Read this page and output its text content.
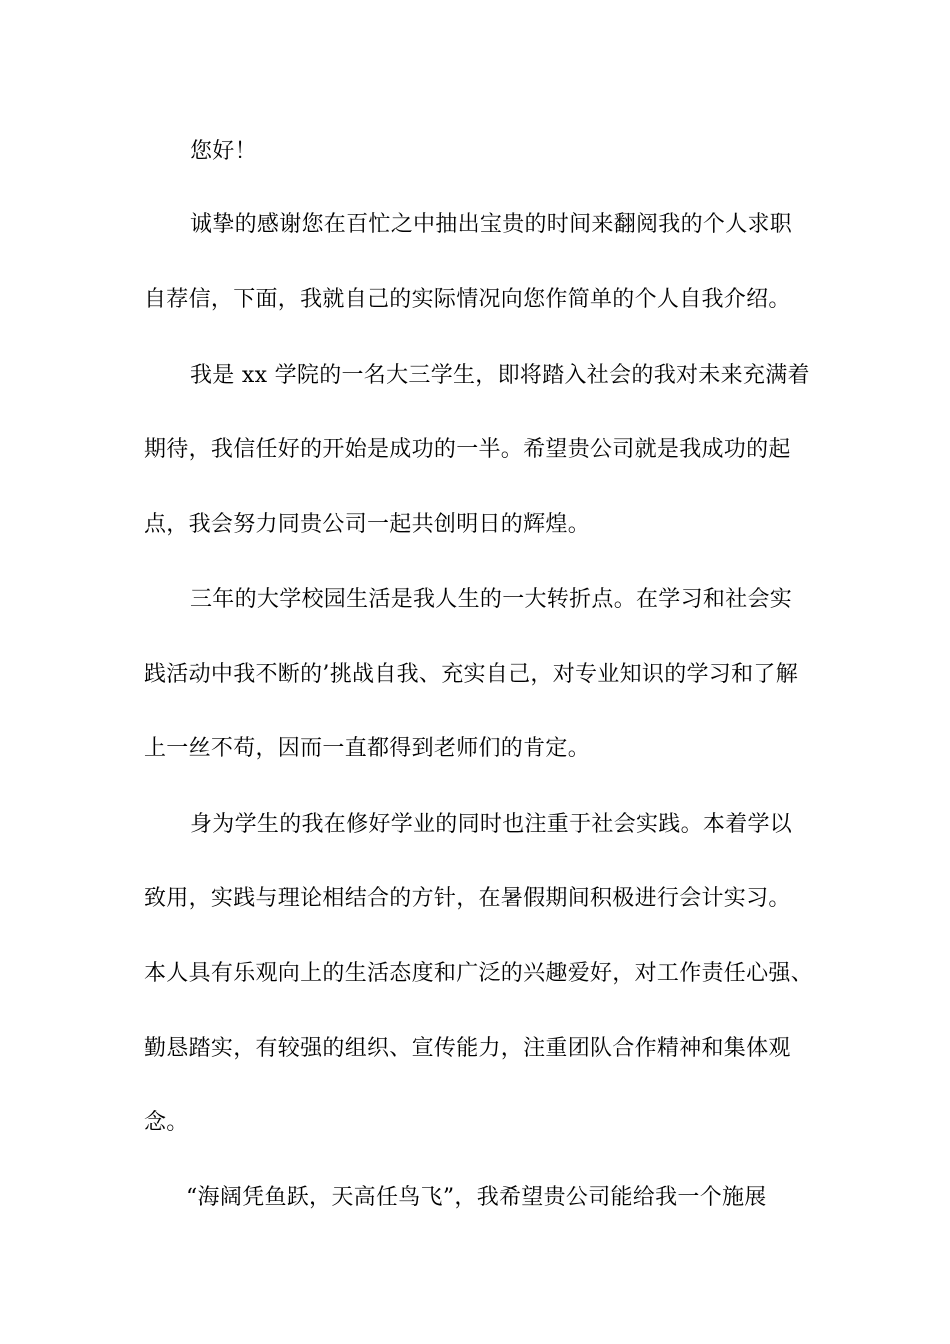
您好！
诚挚的感谢您在百忙之中抽出宝贵的时间来翻阅我的个人求职
自荐信，下面，我就自己的实际情况向您作简单的个人自我介绍。
我是 xx 学院的一名大三学生，即将踏入社会的我对未来充满着
期待，我信任好的开始是成功的一半。希望贵公司就是我成功的起
点，我会努力同贵公司一起共创明日的辉煌。
三年的大学校园生活是我人生的一大转折点。在学习和社会实
践活动中我不断的’挑战自我、充实自己，对专业知识的学习和了解
上一丝不苟，因而一直都得到老师们的肯定。
身为学生的我在修好学业的同时也注重于社会实践。本着学以
致用，实践与理论相结合的方针，在暑假期间积极进行会计实习。
本人具有乐观向上的生活态度和广泛的兴趣爱好，对工作责任心强、
勤恳踏实，有较强的组织、宣传能力，注重团队合作精神和集体观
念。
“海阔凭鱼跃，天高任鸟飞”，我希望贵公司能给我一个施展
